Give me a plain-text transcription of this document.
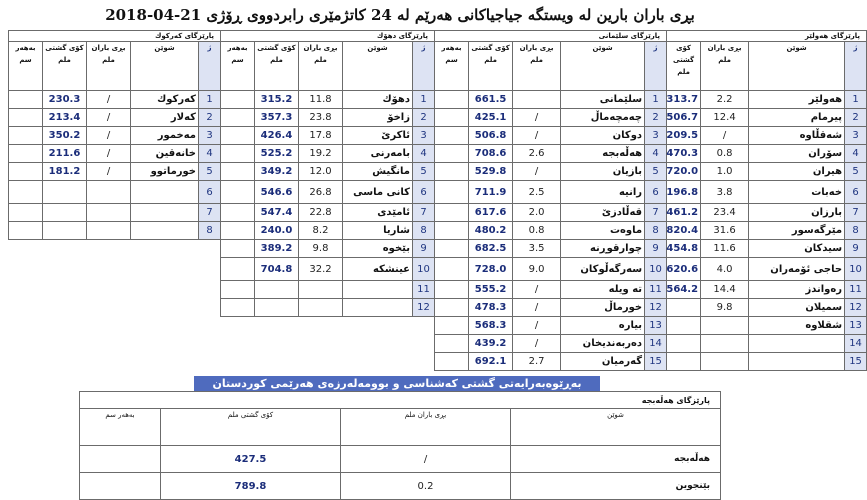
بڕی باران بارین له‌ ویستگه‌ جیاجیاكانی هه‌رێم له‌ 24 كاتژمێری رابردووی ڕۆژی 21-04-2018
پارێزگای هه‌ولێر				پارێزگای سلێمانی					پارێزگای دهۆك					پارێزگای كه‌ركوك				
ژ	شوێن	بڕی باران ملم	كۆی گشتی ملم	ژ	شوێن	بڕی باران ملم	كۆی گشتی ملم	به‌هەر سم	ژ	شوێن	بڕی باران ملم	كۆی گشتی ملم	به‌هەر سم	ژ	شوێن	بڕی باران ملم	كۆی گشتی ملم	به‌هەر سم
1	هه‌ولێر	2.2	313.7	1	سلێمانی		661.5		1	دهۆك	11.8	315.2		1	كه‌ركوك	/	230.3	
2	پیرمام	12.4	506.7	2	چه‌مچه‌ماڵ	/	425.1		2	زاخۆ	23.8	357.3		2	كه‌لار	/	213.4	
3	شه‌قڵاوه‌	/	209.5	3	دوكان	/	506.8		3	ئاكرێ	17.8	426.4		3	مه‌خمور	/	350.2	
4	سۆران	0.8	470.3	4	هه‌ڵه‌بجه‌	2.6	708.6		4	بامه‌رنی	19.2	525.2		4	خانه‌قین	/	211.6	
5	هیران	1.0	720.0	5	بازیان	/	529.8		5	مانگیش	12.0	349.2		5	خورماتوو	/	181.2	
6	خه‌بات	3.8	196.8	6	رانیه‌	2.5	711.9		6	كانی ماسی	26.8	546.6		6				
7	بارزان	23.4	461.2	7	قه‌ڵادزێ	2.0	617.6		7	ئامێدی	22.8	547.4		7				
8	مێرگه‌سور	31.6	820.4	8	ماوه‌ت	0.8	480.2		8	شاریا	8.2	240.0		8				
9	سیدكان	11.6	454.8	9	چوارقوڕنه‌	3.5	682.5		9	بێخوه‌	9.8	389.2						
10	حاجی ئۆمه‌ران	4.0	620.6	10	سه‌رگه‌ڵوكان	9.0	728.0		10	عینشكه‌	32.2	704.8						
11	ره‌واندز	14.4	564.2	11	ته‌ ویله‌	/	555.2		11									
12	سمیلان	9.8		12	خورماڵ	/	478.3		12									
13	شقلاوه‌			13	بیاره‌	/	568.3											
14				14	ده‌ربه‌ندیخان	/	439.2											
15				15	گه‌رمیان	2.7	692.1											
به‌ڕێوه‌به‌رایه‌تی گشتی كه‌شناسی و بوومه‌له‌رزه‌ی هه‌رێمی كوردستان
پارێزگای هه‌ڵه‌بجه‌			
شوێن	بڕی باران ملم	كۆی گشتی ملم	به‌هەر سم
هه‌ڵه‌بجه‌	/	427.5	
بێنجوین	0.2	789.8	
